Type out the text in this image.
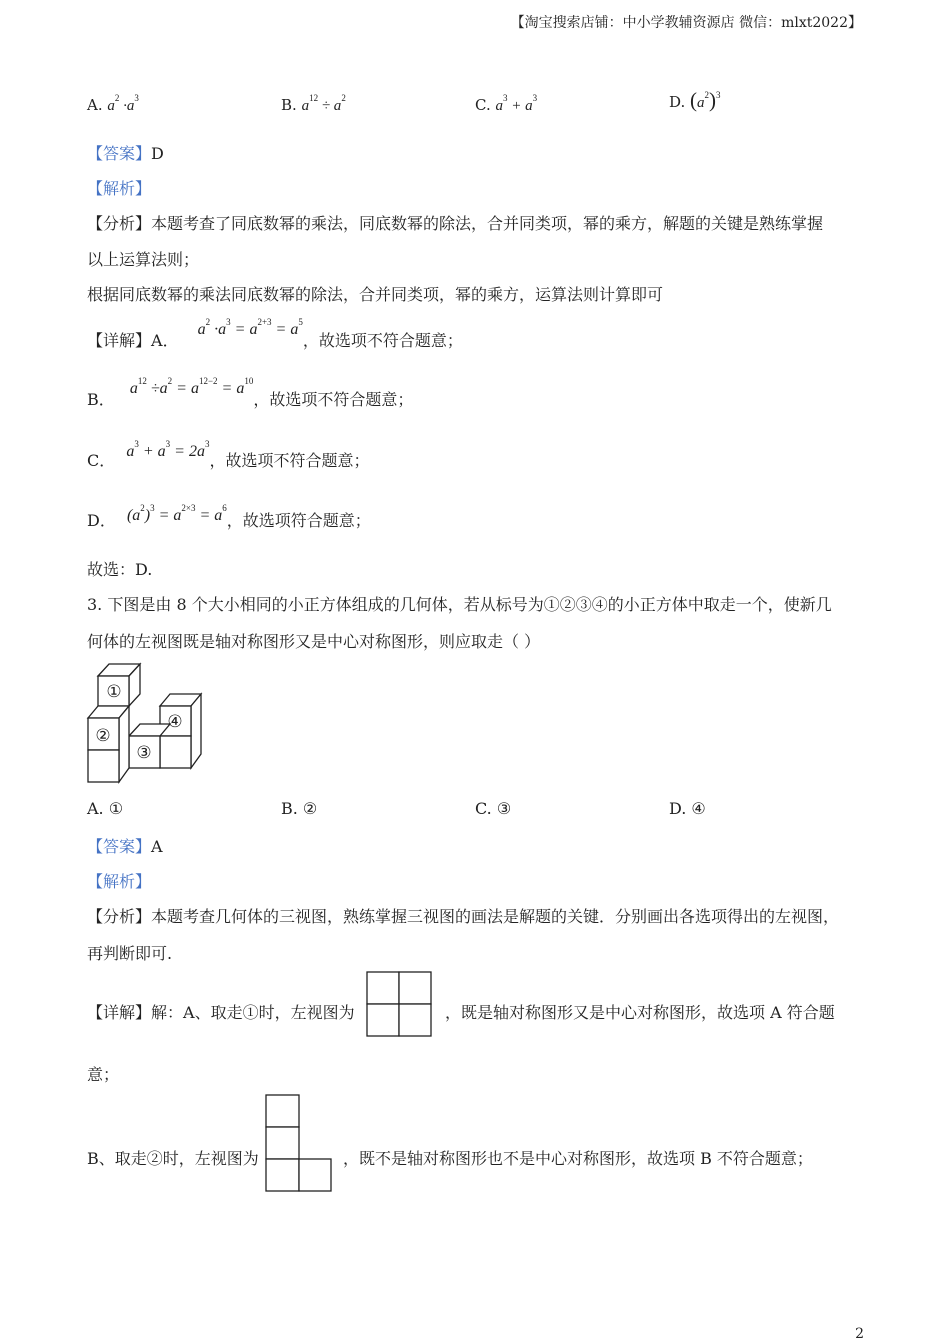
【淘宝搜索店铺：中小学教辅资源店 微信：mlxt2022】
A. $a^2 \cdot a^3$	B. $a^{12} \div a^2$	C. $a^3 + a^3$	D. $(a^2)^3$
【答案】D
【解析】
【分析】本题考查了同底数幂的乘法，同底数幂的除法，合并同类项，幂的乘方，解题的关键是熟练掌握
以上运算法则；
根据同底数幂的乘法同底数幂的除法，合并同类项，幂的乘方，运算法则计算即可
【详解】A． $a^2 \cdot a^3 = a^{2+3} = a^5$，故选项不符合题意；
B． $a^{12} \div a^2 = a^{12-2} = a^{10}$，故选项不符合题意；
C． $a^3 + a^3 = 2a^3$，故选项不符合题意；
D． $(a^2)^3 = a^{2\times 3} = a^6$，故选项符合题意；
故选：D.
3. 下图是由 8 个大小相同的小正方体组成的几何体，若从标号为①②③④的小正方体中取走一个，使新几
何体的左视图既是轴对称图形又是中心对称图形，则应取走（ ）
①
②
③
④
A. ①	B. ②	C. ③	D. ④
【答案】A
【解析】
【分析】本题考查几何体的三视图，熟练掌握三视图的画法是解题的关键．分别画出各选项得出的左视图，
再判断即可.
【详解】解：A、取走①时，左视图为	，既是轴对称图形又是中心对称图形，故选项 A 符合题
意；
B、取走②时，左视图为	，既不是轴对称图形也不是中心对称图形，故选项 B 不符合题意；
2
